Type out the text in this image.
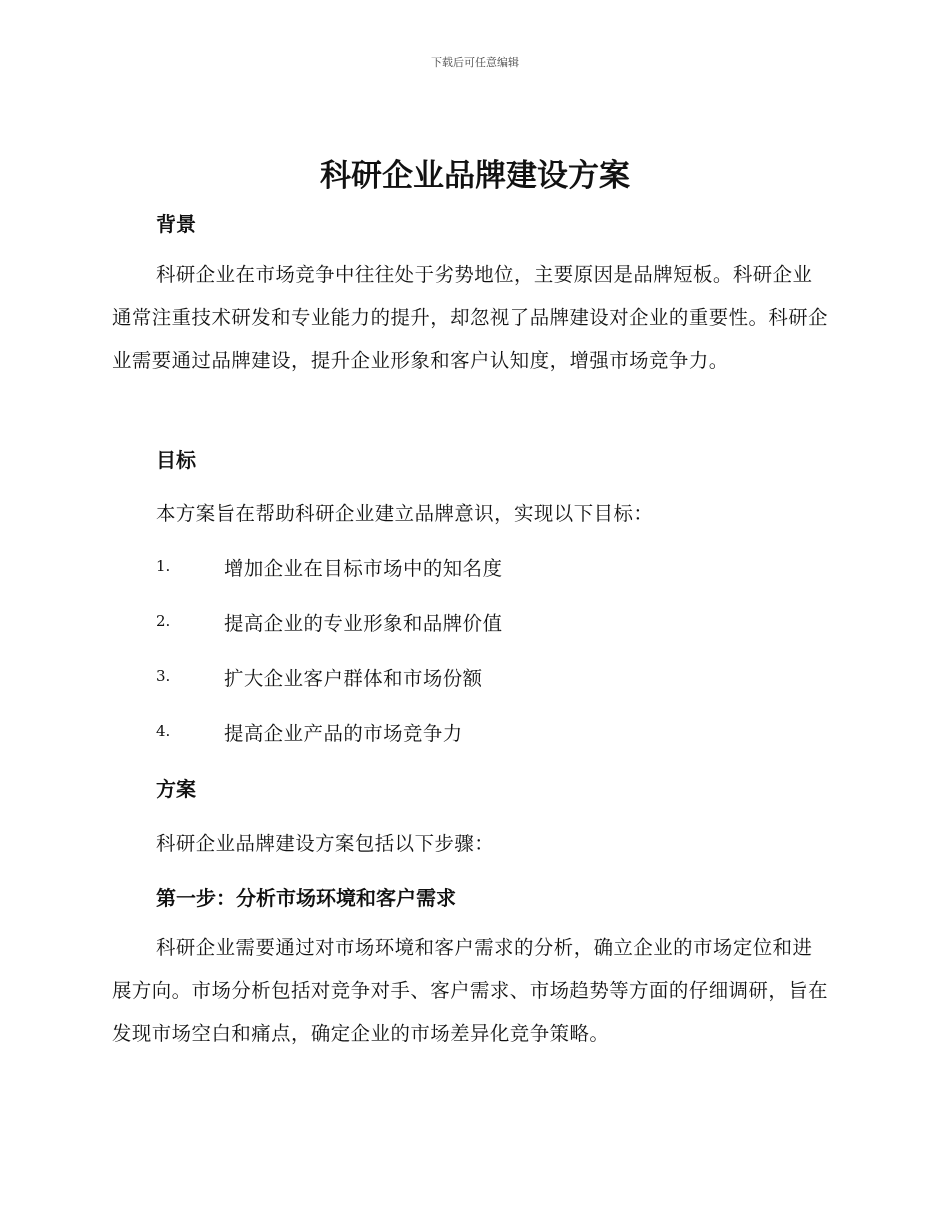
下载后可任意编辑
科研企业品牌建设方案
背景

科研企业在市场竞争中往往处于劣势地位，主要原因是品牌短板。科研企业通常注重技术研发和专业能力的提升，却忽视了品牌建设对企业的重要性。科研企业需要通过品牌建设，提升企业形象和客户认知度，增强市场竞争力。

目标

本方案旨在帮助科研企业建立品牌意识，实现以下目标：

1.	增加企业在目标市场中的知名度
2.	提高企业的专业形象和品牌价值
3.	扩大企业客户群体和市场份额
4.	提高企业产品的市场竞争力
方案

科研企业品牌建设方案包括以下步骤：

第一步：分析市场环境和客户需求

科研企业需要通过对市场环境和客户需求的分析，确立企业的市场定位和进展方向。市场分析包括对竞争对手、客户需求、市场趋势等方面的仔细调研，旨在发现市场空白和痛点，确定企业的市场差异化竞争策略。
